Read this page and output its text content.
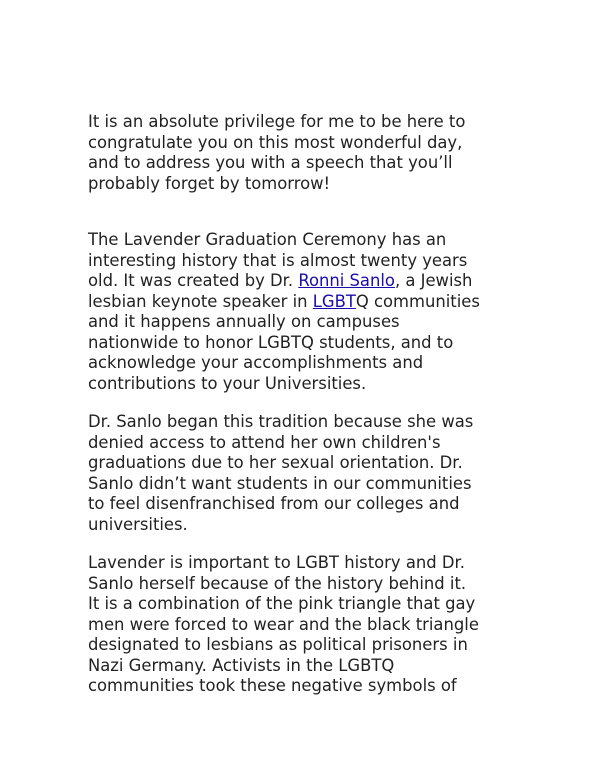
It is an absolute privilege for me to be here to
congratulate you on this most wonderful day,
and to address you with a speech that you’ll
probably forget by tomorrow!

The Lavender Graduation Ceremony has an
interesting history that is almost twenty years
old. It was created by Dr. Ronni Sanlo, a Jewish
lesbian keynote speaker in LGBTQ communities
and it happens annually on campuses
nationwide to honor LGBTQ students, and to
acknowledge your accomplishments and
contributions to your Universities.

Dr. Sanlo began this tradition because she was
denied access to attend her own children's
graduations due to her sexual orientation. Dr.
Sanlo didn’t want students in our communities
to feel disenfranchised from our colleges and
universities.

Lavender is important to LGBT history and Dr.
Sanlo herself because of the history behind it.
It is a combination of the pink triangle that gay
men were forced to wear and the black triangle
designated to lesbians as political prisoners in
Nazi Germany. Activists in the LGBTQ
communities took these negative symbols of
